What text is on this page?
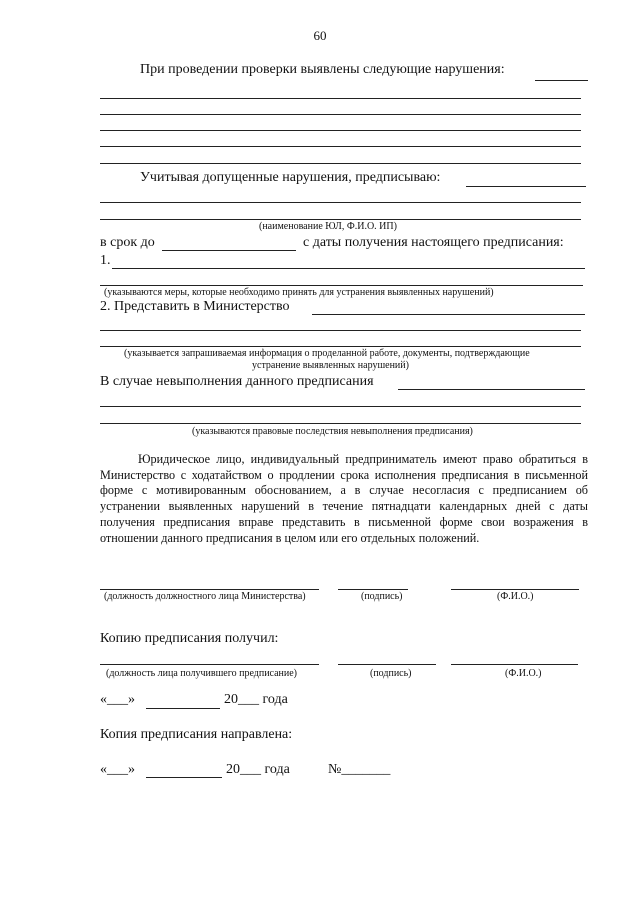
60
При проведении проверки выявлены следующие нарушения:
Учитывая допущенные нарушения, предписываю:
(наименование ЮЛ, Ф.И.О. ИП)
в срок до	с даты получения настоящего предписания:
1.
(указываются меры, которые необходимо принять для устранения выявленных нарушений)
2. Представить в Министерство
(указывается запрашиваемая информация о проделанной работе, документы, подтверждающие
устранение выявленных нарушений)
В случае невыполнения данного предписания
(указываются правовые последствия невыполнения предписания)
Юридическое лицо, индивидуальный предприниматель имеют право обратиться в Министерство с ходатайством о продлении срока исполнения предписания в письменной форме с мотивированным обоснованием, а в случае несогласия с предписанием об устранении выявленных нарушений в течение пятнадцати календарных дней с даты получения предписания вправе представить в письменной форме свои возражения в отношении данного предписания в целом или его отдельных положений.
(должность должностного лица Министерства)	(подпись)	(Ф.И.О.)
Копию предписания получил:
(должность лица получившего предписание)	(подпись)	(Ф.И.О.)
«___»	20___ года
Копия предписания направлена:
«___»	20___ года	№_______
